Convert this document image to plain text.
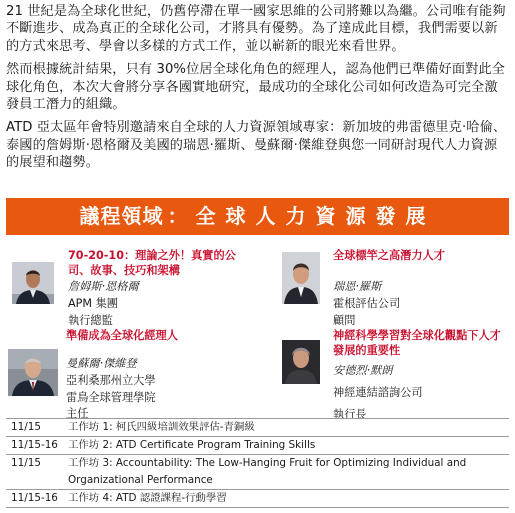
21 世紀是為全球化世紀，仍舊停滯在單一國家思維的公司將難以為繼。公司唯有能夠不斷進步、成為真正的全球化公司，才將具有優勢。為了達成此目標，我們需要以新的方式來思考、學會以多樣的方式工作，並以嶄新的眼光來看世界。

然而根據統計結果，只有 30%位居全球化角色的經理人，認為他們已準備好面對此全球化角色，本次大會將分享各國實地研究，最成功的全球化公司如何改造為可完全激發員工潛力的組織。

ATD 亞太區年會特別邀請來自全球的人力資源領域專家：新加坡的弗雷德里克·哈倫、泰國的詹姆斯·恩格爾及美國的瑞恩·羅斯、曼蘇爾·傑維登與您一同研討現代人力資源的展望和趨勢。

議程領域 ： 全球人力資源發展
70-20-10：理論之外！真實的公司、故事、技巧和架構
詹姆斯·恩格爾
APM 集團
執行總監
全球標竿之高潛力人才
瑞恩·羅斯
霍根評估公司
顧問
準備成為全球化經理人
曼蘇爾·傑維登
亞利桑那州立大學
雷鳥全球管理學院
主任
神經科學學習對全球化觀點下人才發展的重要性
安德烈·默朗
神經連結諮詢公司
執行長
11/15	工作坊 1: 柯氏四級培訓效果評估-青銅級
11/15-16 工作坊 2: ATD Certificate Program Training Skills
11/15	工作坊 3: Accountability: The Low-Hanging Fruit for Optimizing Individual and Organizational Performance
11/15-16 工作坊 4: ATD 認證課程-行動學習
